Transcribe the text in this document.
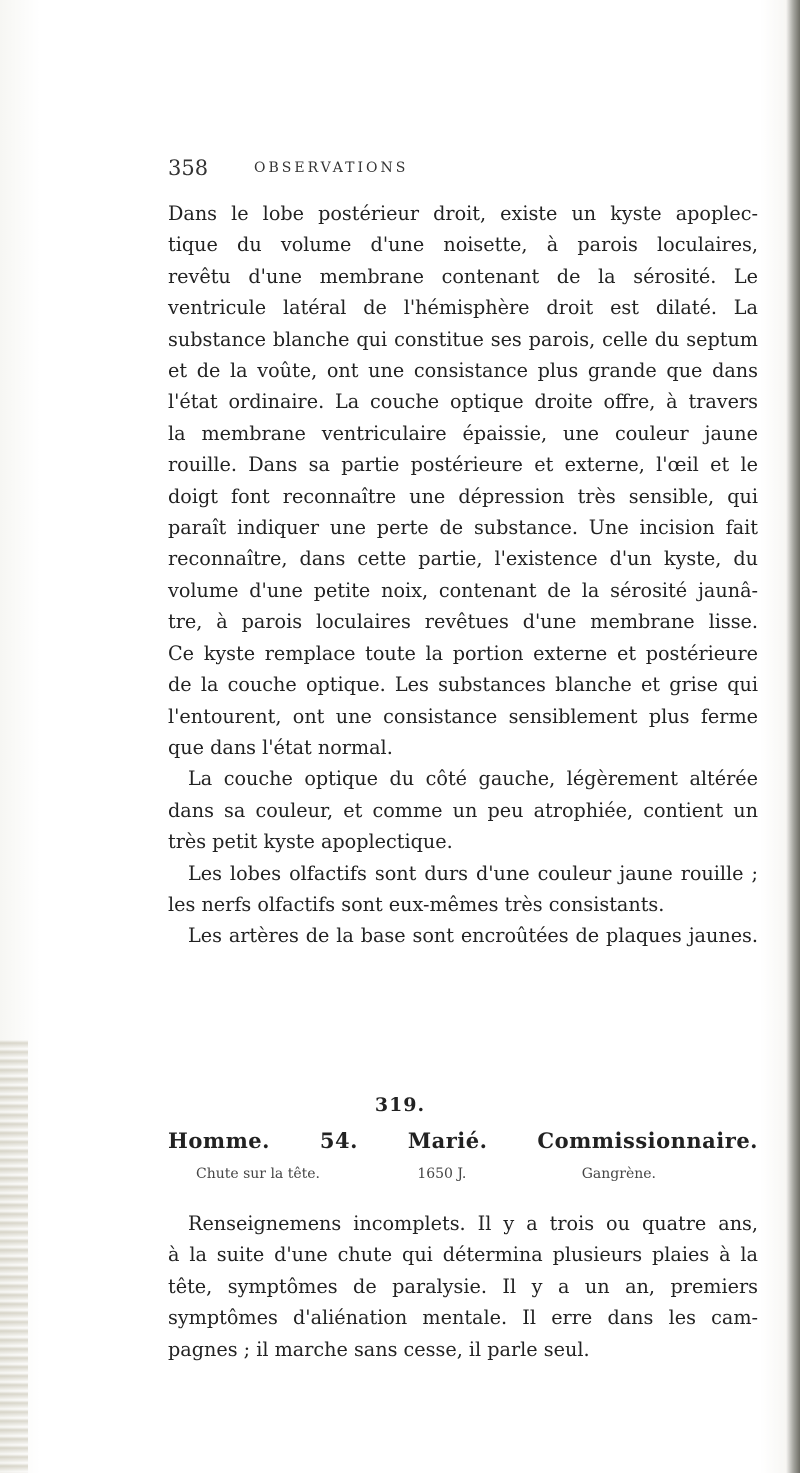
358	OBSERVATIONS
Dans le lobe postérieur droit, existe un kyste apoplec-
tique du volume d'une noisette, à parois loculaires,
revêtu d'une membrane contenant de la sérosité. Le
ventricule latéral de l'hémisphère droit est dilaté. La
substance blanche qui constitue ses parois, celle du septum
et de la voûte, ont une consistance plus grande que dans
l'état ordinaire. La couche optique droite offre, à travers
la membrane ventriculaire épaissie, une couleur jaune
rouille. Dans sa partie postérieure et externe, l'œil et le
doigt font reconnaître une dépression très sensible, qui
paraît indiquer une perte de substance. Une incision fait
reconnaître, dans cette partie, l'existence d'un kyste, du
volume d'une petite noix, contenant de la sérosité jaunâ-
tre, à parois loculaires revêtues d'une membrane lisse.
Ce kyste remplace toute la portion externe et postérieure
de la couche optique. Les substances blanche et grise qui
l'entourent, ont une consistance sensiblement plus ferme
que dans l'état normal.
La couche optique du côté gauche, légèrement altérée
dans sa couleur, et comme un peu atrophiée, contient un
très petit kyste apoplectique.
Les lobes olfactifs sont durs d'une couleur jaune rouille ;
les nerfs olfactifs sont eux-mêmes très consistants.
Les artères de la base sont encroûtées de plaques jaunes.
319.
Homme. 54. Marié. Commissionnaire.
Chute sur la tête.	1650 J.	Gangrène.
Renseignemens incomplets. Il y a trois ou quatre ans,
à la suite d'une chute qui détermina plusieurs plaies à la
tête, symptômes de paralysie. Il y a un an, premiers
symptômes d'aliénation mentale. Il erre dans les cam-
pagnes ; il marche sans cesse, il parle seul.
